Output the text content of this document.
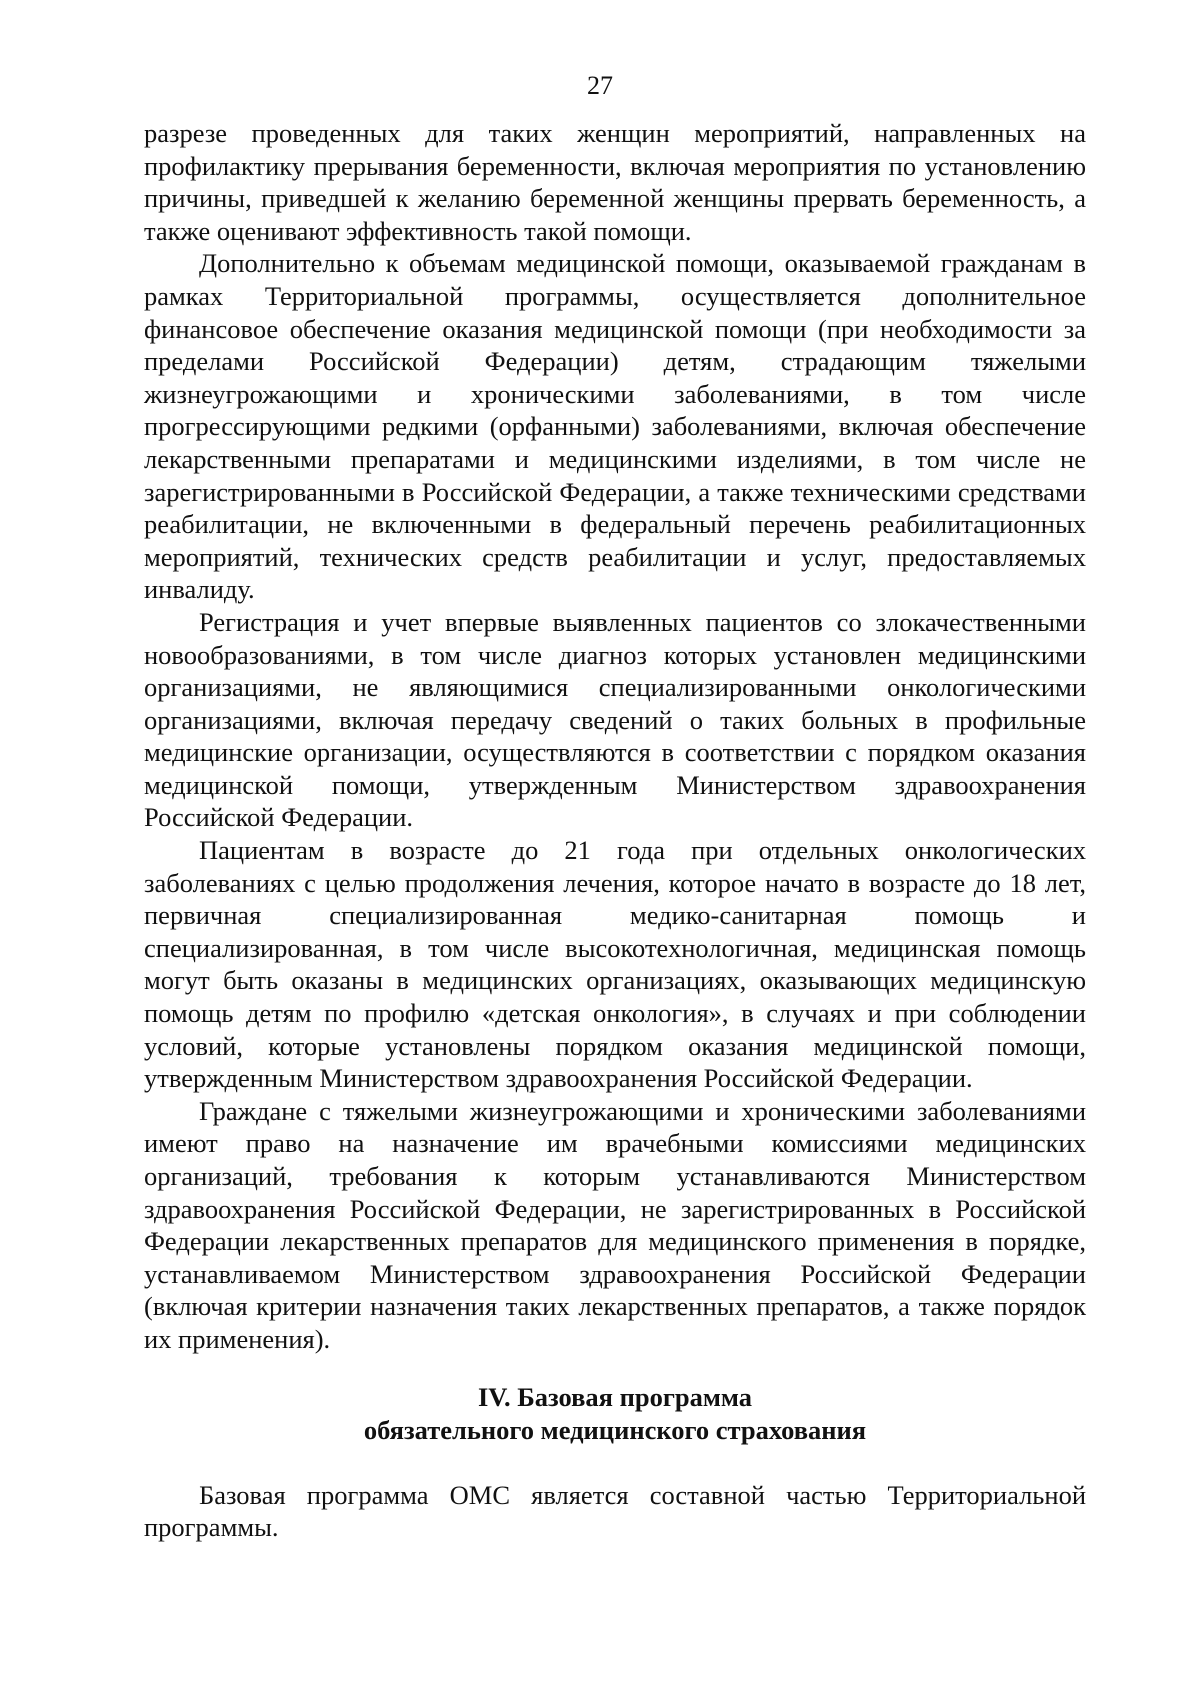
27

разрезе проведенных для таких женщин мероприятий, направленных на профилактику прерывания беременности, включая мероприятия по установлению причины, приведшей к желанию беременной женщины прервать беременность, а также оценивают эффективность такой помощи.

Дополнительно к объемам медицинской помощи, оказываемой гражданам в рамках Территориальной программы, осуществляется дополнительное финансовое обеспечение оказания медицинской помощи (при необходимости за пределами Российской Федерации) детям, страдающим тяжелыми жизнеугрожающими и хроническими заболеваниями, в том числе прогрессирующими редкими (орфанными) заболеваниями, включая обеспечение лекарственными препаратами и медицинскими изделиями, в том числе не зарегистрированными в Российской Федерации, а также техническими средствами реабилитации, не включенными в федеральный перечень реабилитационных мероприятий, технических средств реабилитации и услуг, предоставляемых инвалиду.

Регистрация и учет впервые выявленных пациентов со злокачественными новообразованиями, в том числе диагноз которых установлен медицинскими организациями, не являющимися специализированными онкологическими организациями, включая передачу сведений о таких больных в профильные медицинские организации, осуществляются в соответствии с порядком оказания медицинской помощи, утвержденным Министерством здравоохранения Российской Федерации.

Пациентам в возрасте до 21 года при отдельных онкологических заболеваниях с целью продолжения лечения, которое начато в возрасте до 18 лет, первичная специализированная медико-санитарная помощь и специализированная, в том числе высокотехнологичная, медицинская помощь могут быть оказаны в медицинских организациях, оказывающих медицинскую помощь детям по профилю «детская онкология», в случаях и при соблюдении условий, которые установлены порядком оказания медицинской помощи, утвержденным Министерством здравоохранения Российской Федерации.

Граждане с тяжелыми жизнеугрожающими и хроническими заболеваниями имеют право на назначение им врачебными комиссиями медицинских организаций, требования к которым устанавливаются Министерством здравоохранения Российской Федерации, не зарегистрированных в Российской Федерации лекарственных препаратов для медицинского применения в порядке, устанавливаемом Министерством здравоохранения Российской Федерации (включая критерии назначения таких лекарственных препаратов, а также порядок их применения).

IV. Базовая программа
обязательного медицинского страхования

Базовая программа ОМС является составной частью Территориальной программы.
